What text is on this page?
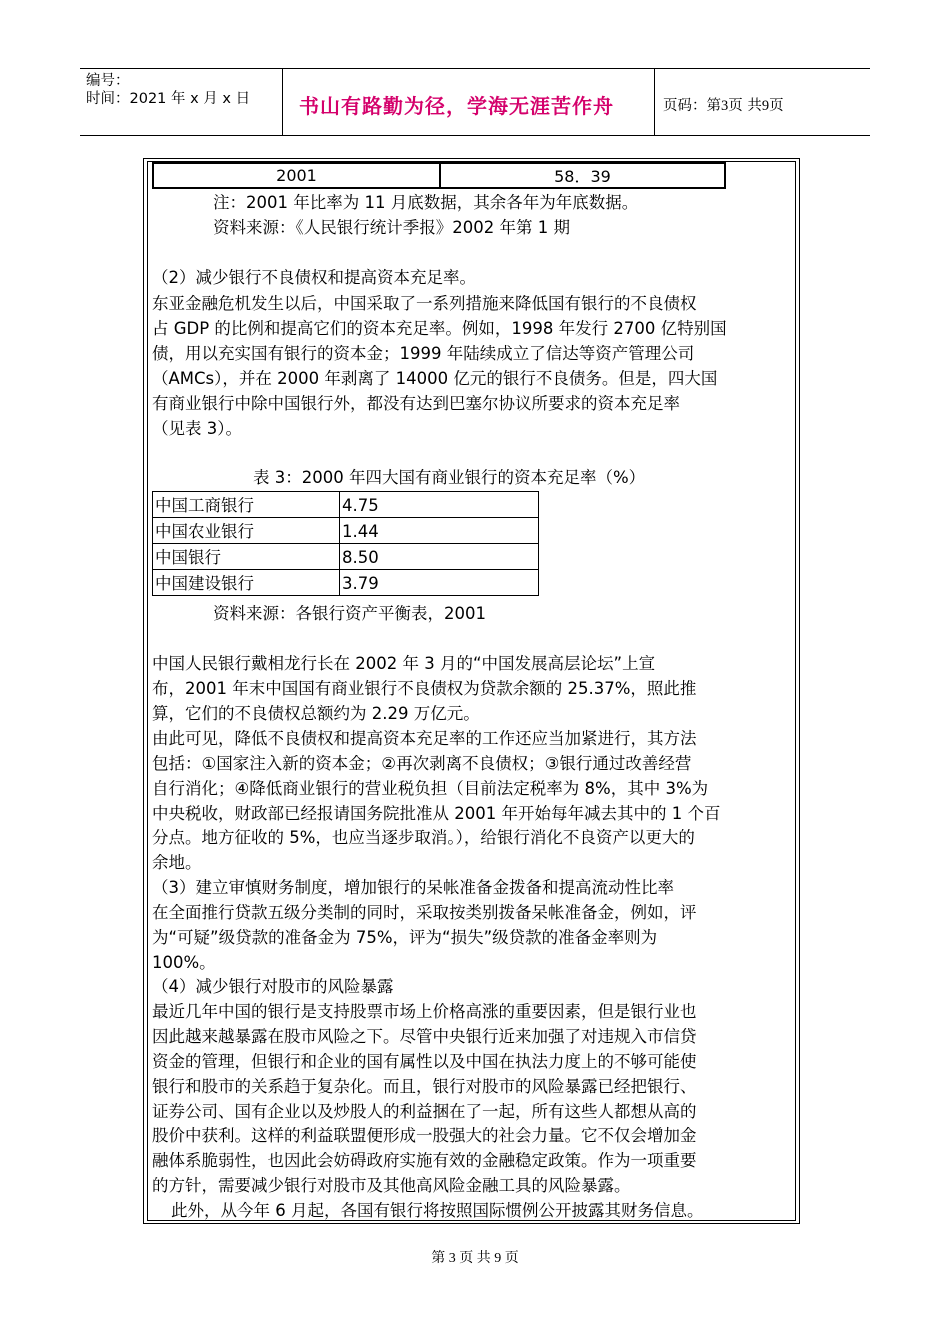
编号：
时间：2021 年 x 月 x 日 书山有路勤为径，学海无涯苦作舟	页码：第3页 共9页
2001	58．39
注：2001 年比率为 11 月底数据，其余各年为年底数据。
资料来源：《人民银行统计季报》2002 年第 1 期
（2）减少银行不良债权和提高资本充足率。
东亚金融危机发生以后，中国采取了一系列措施来降低国有银行的不良债权
占 GDP 的比例和提高它们的资本充足率。例如，1998 年发行 2700 亿特别国
债，用以充实国有银行的资本金；1999 年陆续成立了信达等资产管理公司
（AMCs），并在 2000 年剥离了 14000 亿元的银行不良债务。但是，四大国
有商业银行中除中国银行外，都没有达到巴塞尔协议所要求的资本充足率
（见表 3）。
表 3：2000 年四大国有商业银行的资本充足率（%）
中国工商银行	4.75
中国农业银行	1.44
中国银行	8.50
中国建设银行	3.79
资料来源：各银行资产平衡表，2001
中国人民银行戴相龙行长在 2002 年 3 月的“中国发展高层论坛”上宣
布，2001 年末中国国有商业银行不良债权为贷款余额的 25.37%，照此推
算，它们的不良债权总额约为 2.29 万亿元。
由此可见，降低不良债权和提高资本充足率的工作还应当加紧进行，其方法
包括：①国家注入新的资本金；②再次剥离不良债权；③银行通过改善经营
自行消化；④降低商业银行的营业税负担（目前法定税率为 8%，其中 3%为
中央税收，财政部已经报请国务院批准从 2001 年开始每年减去其中的 1 个百
分点。地方征收的 5%，也应当逐步取消。），给银行消化不良资产以更大的
余地。
（3）建立审慎财务制度，增加银行的呆帐准备金拨备和提高流动性比率
在全面推行贷款五级分类制的同时，采取按类别拨备呆帐准备金，例如，评
为“可疑”级贷款的准备金为 75%，评为“损失”级贷款的准备金率则为
100%。
（4）减少银行对股市的风险暴露
最近几年中国的银行是支持股票市场上价格高涨的重要因素，但是银行业也
因此越来越暴露在股市风险之下。尽管中央银行近来加强了对违规入市信贷
资金的管理，但银行和企业的国有属性以及中国在执法力度上的不够可能使
银行和股市的关系趋于复杂化。而且，银行对股市的风险暴露已经把银行、
证券公司、国有企业以及炒股人的利益捆在了一起，所有这些人都想从高的
股价中获利。这样的利益联盟便形成一股强大的社会力量。它不仅会增加金
融体系脆弱性，也因此会妨碍政府实施有效的金融稳定政策。作为一项重要
的方针，需要减少银行对股市及其他高风险金融工具的风险暴露。
此外，从今年 6 月起，各国有银行将按照国际惯例公开披露其财务信息。
第 3 页 共 9 页
